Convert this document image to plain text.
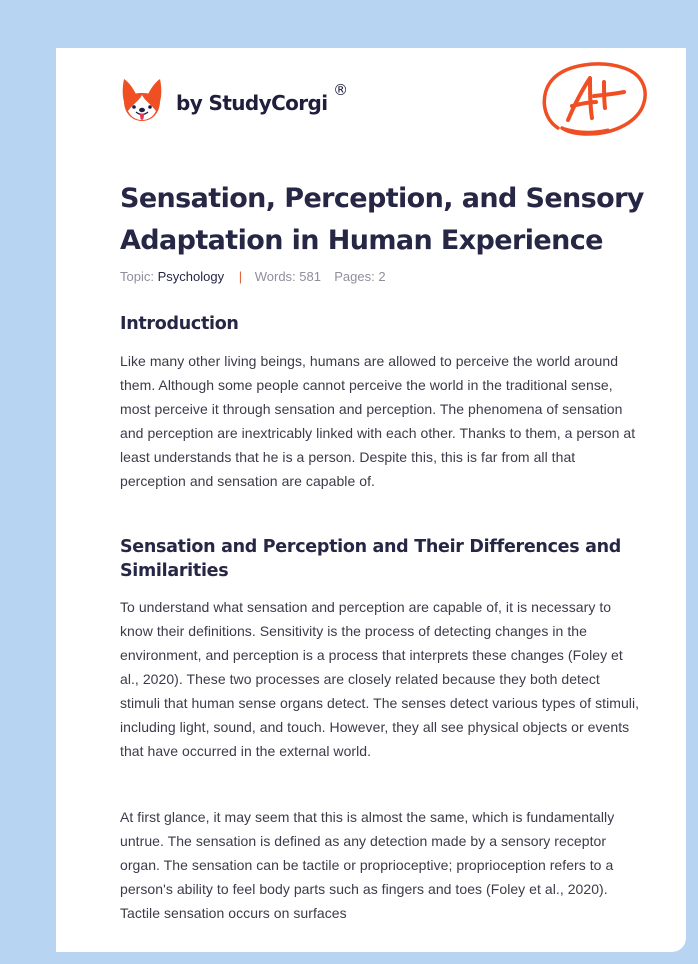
by StudyCorgi
®
Sensation, Perception, and Sensory Adaptation in Human Experience
Topic: Psychology | Words: 581 Pages: 2
Introduction

Like many other living beings, humans are allowed to perceive the world around them. Although some people cannot perceive the world in the traditional sense, most perceive it through sensation and perception. The phenomena of sensation and perception are inextricably linked with each other. Thanks to them, a person at least understands that he is a person. Despite this, this is far from all that perception and sensation are capable of.

Sensation and Perception and Their Differences and Similarities

To understand what sensation and perception are capable of, it is necessary to know their definitions. Sensitivity is the process of detecting changes in the environment, and perception is a process that interprets these changes (Foley et al., 2020). These two processes are closely related because they both detect stimuli that human sense organs detect. The senses detect various types of stimuli, including light, sound, and touch. However, they all see physical objects or events that have occurred in the external world.

At first glance, it may seem that this is almost the same, which is fundamentally untrue. The sensation is defined as any detection made by a sensory receptor organ. The sensation can be tactile or proprioceptive; proprioception refers to a person's ability to feel body parts such as fingers and toes (Foley et al., 2020). Tactile sensation occurs on surfaces
